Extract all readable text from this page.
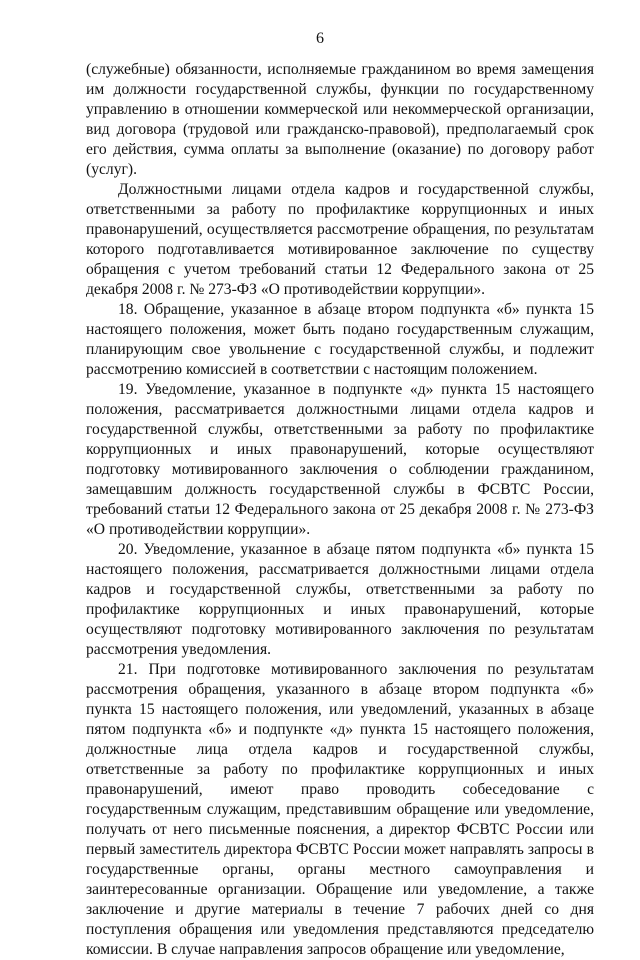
6

(служебные) обязанности, исполняемые гражданином во время замещения им должности государственной службы, функции по государственному управлению в отношении коммерческой или некоммерческой организации, вид договора (трудовой или гражданско-правовой), предполагаемый срок его действия, сумма оплаты за выполнение (оказание) по договору работ (услуг).

Должностными лицами отдела кадров и государственной службы, ответственными за работу по профилактике коррупционных и иных правонарушений, осуществляется рассмотрение обращения, по результатам которого подготавливается мотивированное заключение по существу обращения с учетом требований статьи 12 Федерального закона от 25 декабря 2008 г. № 273-ФЗ «О противодействии коррупции».

18. Обращение, указанное в абзаце втором подпункта «б» пункта 15 настоящего положения, может быть подано государственным служащим, планирующим свое увольнение с государственной службы, и подлежит рассмотрению комиссией в соответствии с настоящим положением.

19. Уведомление, указанное в подпункте «д» пункта 15 настоящего положения, рассматривается должностными лицами отдела кадров и государственной службы, ответственными за работу по профилактике коррупционных и иных правонарушений, которые осуществляют подготовку мотивированного заключения о соблюдении гражданином, замещавшим должность государственной службы в ФСВТС России, требований статьи 12 Федерального закона от 25 декабря 2008 г. № 273-ФЗ «О противодействии коррупции».

20. Уведомление, указанное в абзаце пятом подпункта «б» пункта 15 настоящего положения, рассматривается должностными лицами отдела кадров и государственной службы, ответственными за работу по профилактике коррупционных и иных правонарушений, которые осуществляют подготовку мотивированного заключения по результатам рассмотрения уведомления.

21. При подготовке мотивированного заключения по результатам рассмотрения обращения, указанного в абзаце втором подпункта «б» пункта 15 настоящего положения, или уведомлений, указанных в абзаце пятом подпункта «б» и подпункте «д» пункта 15 настоящего положения, должностные лица отдела кадров и государственной службы, ответственные за работу по профилактике коррупционных и иных правонарушений, имеют право проводить собеседование с государственным служащим, представившим обращение или уведомление, получать от него письменные пояснения, а директор ФСВТС России или первый заместитель директора ФСВТС России может направлять запросы в государственные органы, органы местного самоуправления и заинтересованные организации. Обращение или уведомление, а также заключение и другие материалы в течение 7 рабочих дней со дня поступления обращения или уведомления представляются председателю комиссии. В случае направления запросов обращение или уведомление,
